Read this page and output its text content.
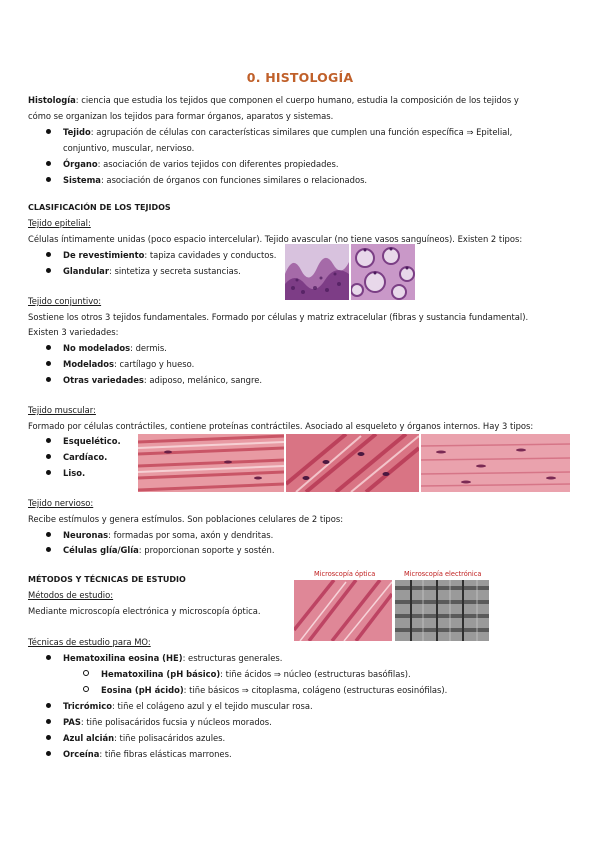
0. HISTOLOGÍA
Histología: ciencia que estudia los tejidos que componen el cuerpo humano, estudia la composición de los tejidos y
cómo se organizan los tejidos para formar órganos, aparatos y sistemas.
Tejido: agrupación de células con características similares que cumplen una función específica ⇒ Epitelial,
conjuntivo, muscular, nervioso.
Órgano: asociación de varios tejidos con diferentes propiedades.
Sistema: asociación de órganos con funciones similares o relacionados.
CLASIFICACIÓN DE LOS TEJIDOS
Tejido epitelial:
Células íntimamente unidas (poco espacio intercelular). Tejido avascular (no tiene vasos sanguíneos). Existen 2 tipos:
De revestimiento: tapiza cavidades y conductos.
Glandular: sintetiza y secreta sustancias.
Tejido conjuntivo:
Sostiene los otros 3 tejidos fundamentales. Formado por células y matriz extracelular (fibras y sustancia fundamental).
Existen 3 variedades:
No modelados: dermis.
Modelados: cartílago y hueso.
Otras variedades: adiposo, melánico, sangre.
Tejido muscular:
Formado por células contráctiles, contiene proteínas contráctiles. Asociado al esqueleto y órganos internos. Hay 3 tipos:
Esquelético.
Cardíaco.
Liso.
Tejido nervioso:
Recibe estímulos y genera estímulos. Son poblaciones celulares de 2 tipos:
Neuronas: formadas por soma, axón y dendritas.
Células glía/Glía: proporcionan soporte y sostén.
MÉTODOS Y TÉCNICAS DE ESTUDIO
Métodos de estudio:
Mediante microscopía electrónica y microscopía óptica.
Microscopía óptica	Microscopía electrónica
Técnicas de estudio para MO:
Hematoxilina eosina (HE): estructuras generales.
Hematoxilina (pH básico): tiñe ácidos ⇒ núcleo (estructuras basófilas).
Eosina (pH ácido): tiñe básicos ⇒ citoplasma, colágeno (estructuras eosinófilas).
Tricrómico: tiñe el colágeno azul y el tejido muscular rosa.
PAS: tiñe polisacáridos fucsia y núcleos morados.
Azul alcián: tiñe polisacáridos azules.
Orceína: tiñe fibras elásticas marrones.
